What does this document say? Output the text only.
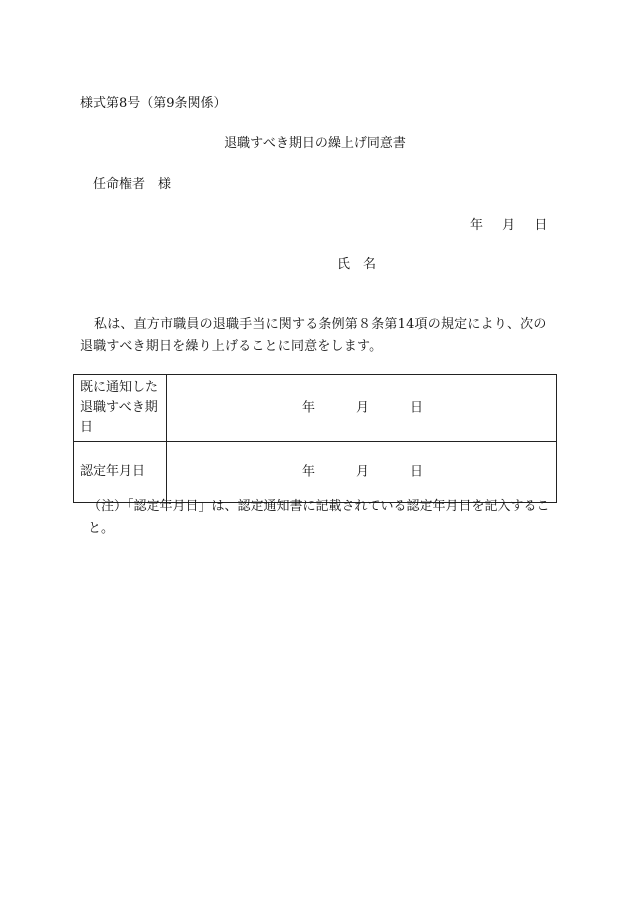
様式第8号（第9条関係）
退職すべき期日の繰上げ同意書
任命権者　様
年　 月　 日
氏　名
私は、直方市職員の退職手当に関する条例第８条第14項の規定により、次の退職すべき期日を繰り上げることに同意をします。
既に通知した退職すべき期日	年 月 日

認定年月日	年 月 日
（注）「認定年月日」は、認定通知書に記載されている認定年月日を記入すること。
